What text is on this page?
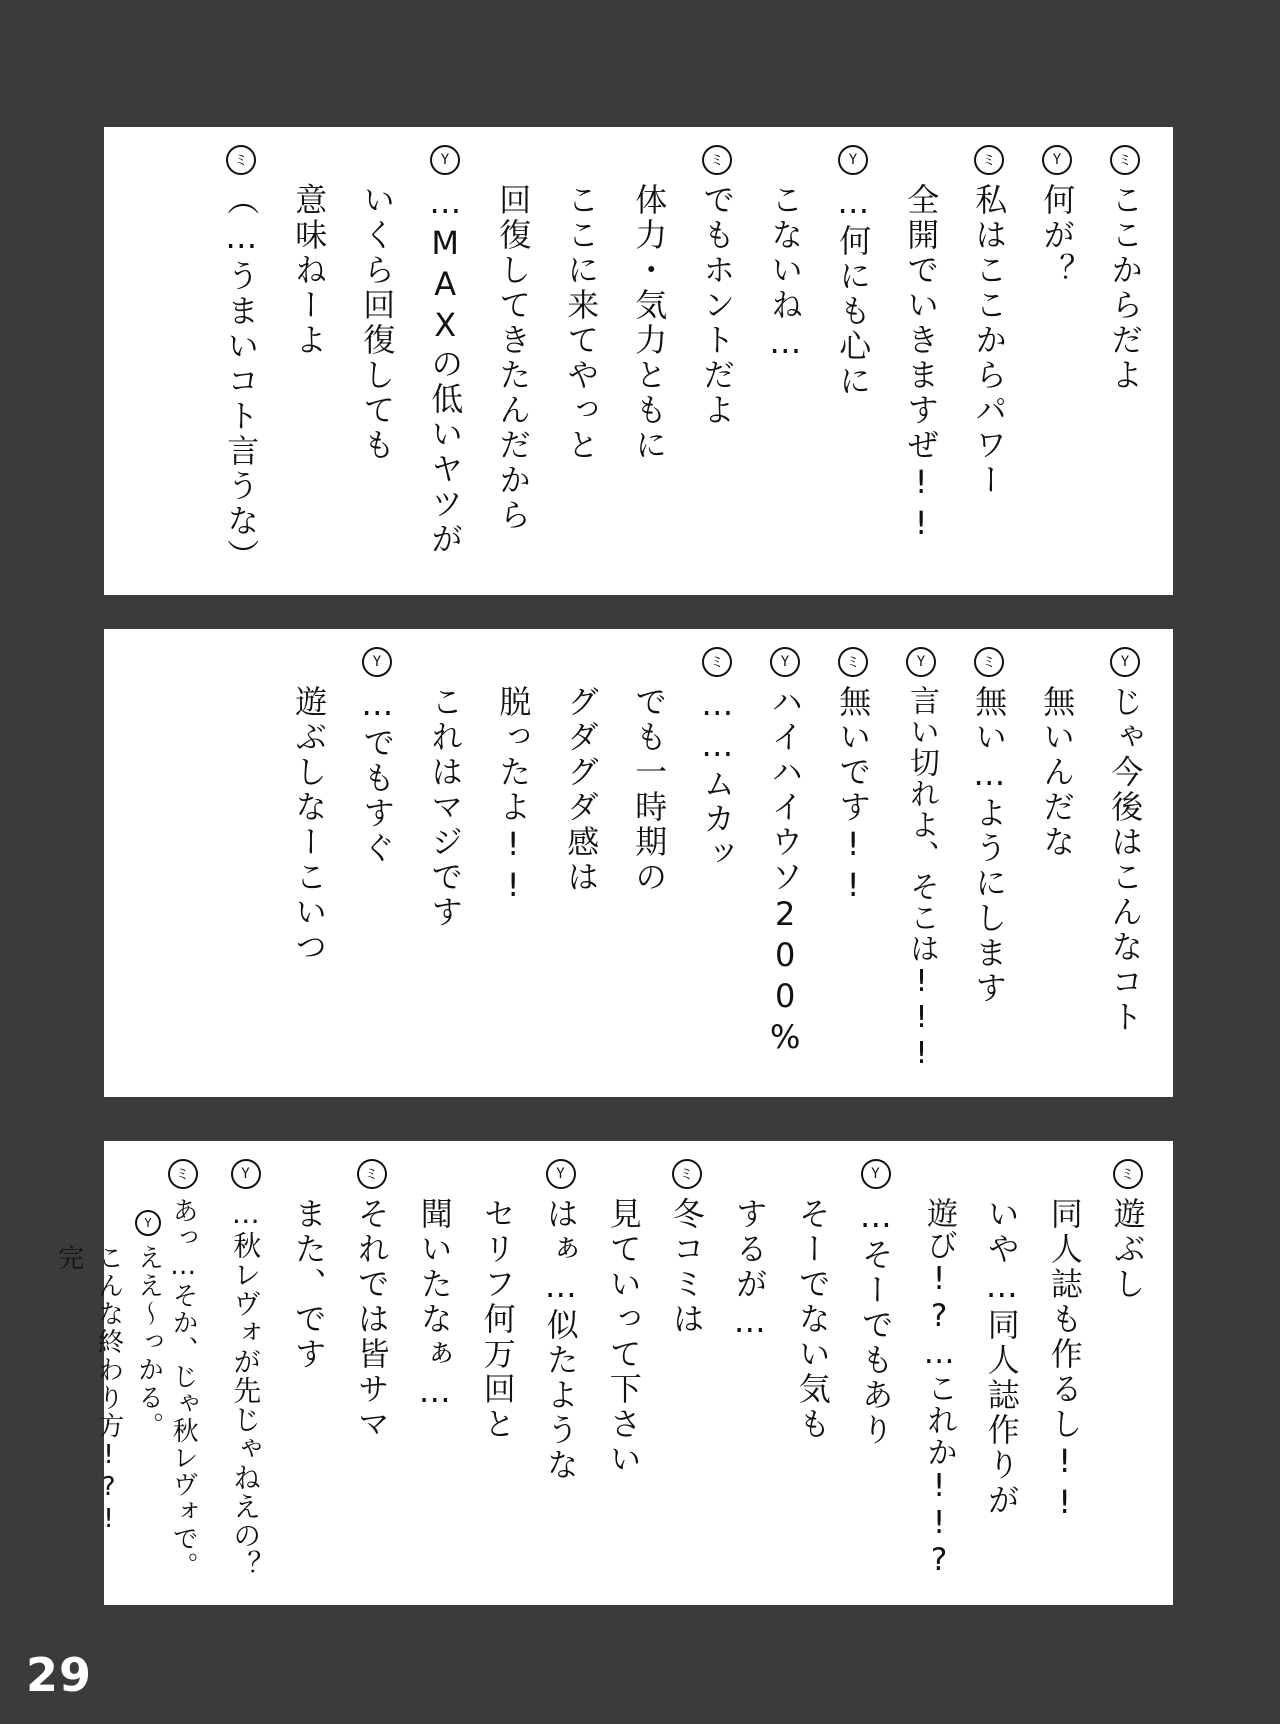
ミ
ここからだよ
Y
何が？
ミ
私はここからパワー
全開でいきますぜ!!
Y
…何にも心に
こないね…
ミ
でもホントだよ
体力・気力ともに
ここに来てやっと
回復してきたんだから
Y
…MAXの低いヤツが
いくら回復しても
意味ねーよ
ミ
（…うまいコト言うな）
Y
じゃ今後はこんなコト
無いんだな
ミ
無い…ようにします
Y
言い切れよ、そこは!!!
ミ
無いです!!
Y
ハイハイウソ200%
ミ
……ムカッ
でも一時期の
グダグダ感は
脱ったよ!!
これはマジです
Y
…でもすぐ
遊ぶしなーこいつ
ミ
遊ぶし
同人誌も作るし!!
いや…同人誌作りが
遊び!?…これか!!?
Y
…そーでもあり
そーでない気も
するが…
ミ
冬コミは
見ていって下さい
Y
はぁ…似たような
セリフ何万回と
聞いたなぁ…
ミ
それでは皆サマ
また、です
Y
…秋レヴォが先じゃねえの？
ミ
あっ…そか、じゃ秋レヴォで。
Y
ええ〜っかる。
こんな終わり方!?!
完
29
